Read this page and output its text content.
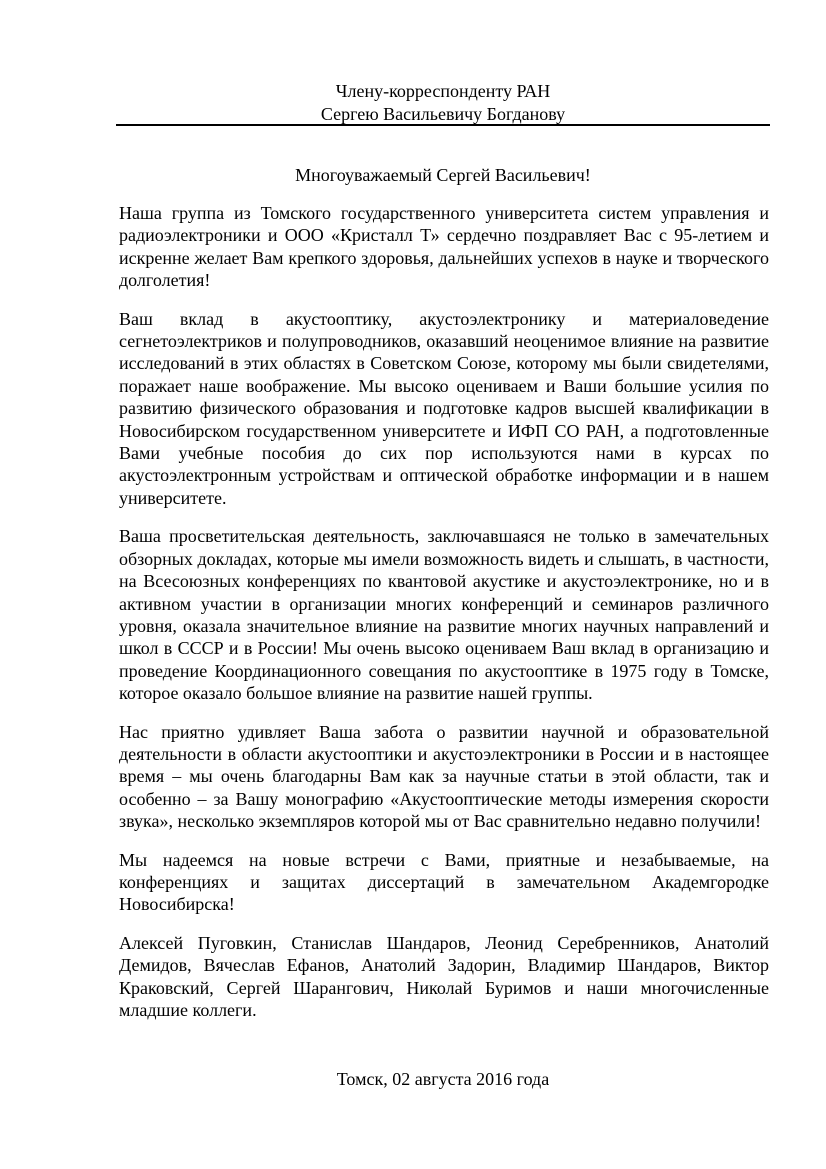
Члену-корреспонденту РАН
Сергею Васильевичу Богданову
Многоуважаемый Сергей Васильевич!

Наша группа из Томского государственного университета систем управления и радиоэлектроники и ООО «Кристалл Т» сердечно поздравляет Вас с 95-летием и искренне желает Вам крепкого здоровья, дальнейших успехов в науке и творческого долголетия!

Ваш вклад в акустооптику, акустоэлектронику и материаловедение сегнетоэлектриков и полупроводников, оказавший неоценимое влияние на развитие исследований в этих областях в Советском Союзе, которому мы были свидетелями, поражает наше воображение. Мы высоко оцениваем и Ваши большие усилия по развитию физического образования и подготовке кадров высшей квалификации в Новосибирском государственном университете и ИФП СО РАН, а подготовленные Вами учебные пособия до сих пор используются нами в курсах по акустоэлектронным устройствам и оптической обработке информации и в нашем университете.

Ваша просветительская деятельность, заключавшаяся не только в замечательных обзорных докладах, которые мы имели возможность видеть и слышать, в частности, на Всесоюзных конференциях по квантовой акустике и акустоэлектронике, но и в активном участии в организации многих конференций и семинаров различного уровня, оказала значительное влияние на развитие многих научных направлений и школ в СССР и в России! Мы очень высоко оцениваем Ваш вклад в организацию и проведение Координационного совещания по акустооптике в 1975 году в Томске, которое оказало большое влияние на развитие нашей группы.

Нас приятно удивляет Ваша забота о развитии научной и образовательной деятельности в области акустооптики и акустоэлектроники в России и в настоящее время – мы очень благодарны Вам как за научные статьи в этой области, так и особенно – за Вашу монографию «Акустооптические методы измерения скорости звука», несколько экземпляров которой мы от Вас сравнительно недавно получили!

Мы надеемся на новые встречи с Вами, приятные и незабываемые, на конференциях и защитах диссертаций в замечательном Академгородке Новосибирска!

Алексей Пуговкин, Станислав Шандаров, Леонид Серебренников, Анатолий Демидов, Вячеслав Ефанов, Анатолий Задорин, Владимир Шандаров, Виктор Краковский, Сергей Шарангович, Николай Буримов и наши многочисленные младшие коллеги.

Томск, 02 августа 2016 года
